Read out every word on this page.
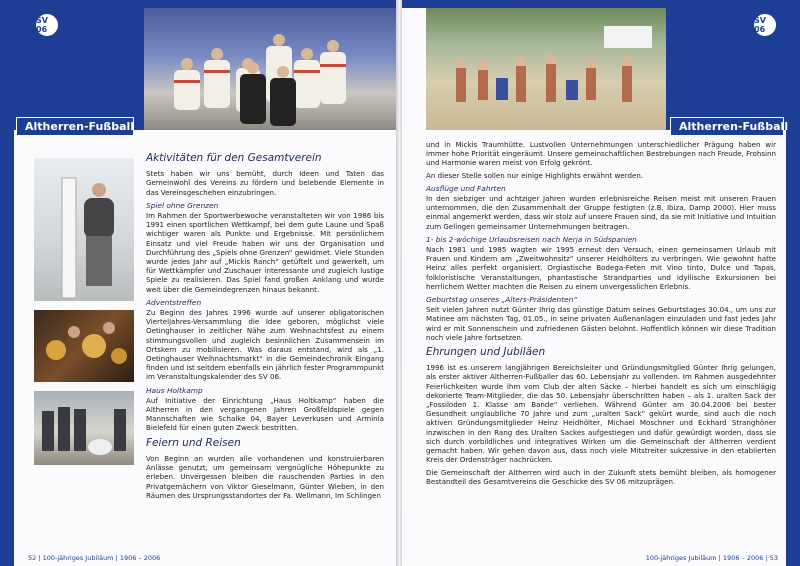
SV 06
Altherren-Fußball
Aktivitäten für den Gesamtverein

Stets haben wir uns bemüht, durch Ideen und Taten das Gemeinwohl des Vereins zu fördern und belebende Elemente in das Vereinsgeschehen einzubringen.

Spiel ohne Grenzen

Im Rahmen der Sportwerbewoche veranstalteten wir von 1986 bis 1991 einen sportlichen Wettkampf, bei dem gute Laune und Spaß wichtiger waren als Punkte und Ergebnisse. Mit persönlichem Einsatz und viel Freude haben wir uns der Organisation und Durchführung des „Spiels ohne Grenzen“ gewidmet. Viele Stunden wurde jedes Jahr auf „Mickis Ranch“ getüftelt und gewerkelt, um für Wettkämpfer und Zuschauer interessante und zugleich lustige Spiele zu realisieren. Das Spiel fand großen Anklang und wurde weit über die Gemeindegrenzen hinaus bekannt.

Adventstreffen

Zu Beginn des Jahres 1996 wurde auf unserer obligatorischen Vierteljahres-Versammlung die Idee geboren, möglichst viele Oetinghauser in zeitlicher Nähe zum Weihnachtsfest zu einem stimmungsvollen und zugleich besinnlichen Zusammensein im Ortskern zu mobilisieren. Was daraus entstand, wird als „1. Oetinghauser Weihnachtsmarkt“ in die Gemeindechronik Eingang finden und ist seitdem ebenfalls ein jährlich fester Programmpunkt im Veranstaltungskalender des SV 06.

Haus Holtkamp

Auf Initiative der Einrichtung „Haus Holtkamp“ haben die Altherren in den vergangenen Jahren Großfeldspiele gegen Mannschaften wie Schalke 04, Bayer Leverkusen und Arminia Bielefeld für einen guten Zweck bestritten.

Feiern und Reisen

Von Beginn an wurden alle vorhandenen und konstruierbaren Anlässe genutzt, um gemeinsam vergnügliche Höhepunkte zu erleben. Unvergessen bleiben die rauschenden Parties in den Privatgemächern von Viktor Gieselmann, Günter Wieben, in den Räumen des Ursprungsstandortes der Fa. Wellmann, Im Schlingen

52 | 100-jähriges Jubiläum | 1906 – 2006
SV 06
Altherren-Fußball

und in Mickis Traumhütte. Lustvollen Unternehmungen unterschiedlicher Prägung haben wir immer hohe Priorität eingeräumt. Unsere gemeinschaftlichen Bestrebungen nach Freude, Frohsinn und Harmonie waren meist von Erfolg gekrönt.

An dieser Stelle sollen nur einige Highlights erwähnt werden.

Ausflüge und Fahrten

In den siebziger und achtziger Jahren wurden erlebnisreiche Reisen meist mit unseren Frauen unternommen, die den Zusammenhalt der Gruppe festigten (z.B. Ibiza, Damp 2000). Hier muss einmal angemerkt werden, dass wir stolz auf unsere Frauen sind, da sie mit Initiative und Intuition zum Gelingen gemeinsamer Unternehmungen beitragen.

1- bis 2-wöchige Urlaubsreisen nach Nerja in Südspanien

Nach 1981 und 1985 wagten wir 1995 erneut den Versuch, einen gemeinsamen Urlaub mit Frauen und Kindern am „Zweitwohnsitz“ unserer Heidhölters zu verbringen. Wie gewohnt hatte Heinz alles perfekt organisiert. Orgiastische Bodega-Feten mit Vino tinto, Dulce und Tapas, folkloristische Veranstaltungen, phantastische Strandparties und idyllische Exkursionen bei herrlichem Wetter machten die Reisen zu einem unvergesslichen Erlebnis.

Geburtstag unseres „Alters-Präsidenten“

Seit vielen Jahren nutzt Günter Ihrig das günstige Datum seines Geburtstages 30.04., um uns zur Matinee am nächsten Tag, 01.05., in seine privaten Außenanlagen einzuladen und fast jedes Jahr wird er mit Sonnenschein und zufriedenen Gästen belohnt. Hoffentlich können wir diese Tradition noch viele Jahre fortsetzen.

Ehrungen und Jubiläen

1996 ist es unserem langjährigen Bereichsleiter und Gründungsmitglied Günter Ihrig gelungen, als erster aktiver Altherren-Fußballer das 60. Lebensjahr zu vollenden. Im Rahmen ausgedehnter Feierlichkeiten wurde ihm vom Club der alten Säcke – hierbei handelt es sich um einschlägig dekorierte Team-Mitglieder, die das 50. Lebensjahr überschritten haben – als 1. uralten Sack der „Fossiloden 1. Klasse am Bande“ verliehen. Während Günter am 30.04.2006 bei bester Gesundheit unglaubliche 70 Jahre und zum „uralten Sack“ gekürt wurde, sind auch die noch aktiven Gründungsmitglieder Heinz Heidhölter, Michael Moschner und Eckhard Stranghöner inzwischen in den Rang des Uralten Sackes aufgestiegen und dafür gewürdigt worden, dass sie sich durch vorbildliches und integratives Wirken um die Gemeinschaft der Altherren verdient gemacht haben. Wir gehen davon aus, dass noch viele Mitstreiter sukzessive in den etablierten Kreis der Ordensträger nachrücken.

Die Gemeinschaft der Altherren wird auch in der Zukunft stets bemüht bleiben, als homogener Bestandteil des Gesamtvereins die Geschicke des SV 06 mitzuprägen.

100-jähriges Jubiläum | 1906 – 2006 | 53
